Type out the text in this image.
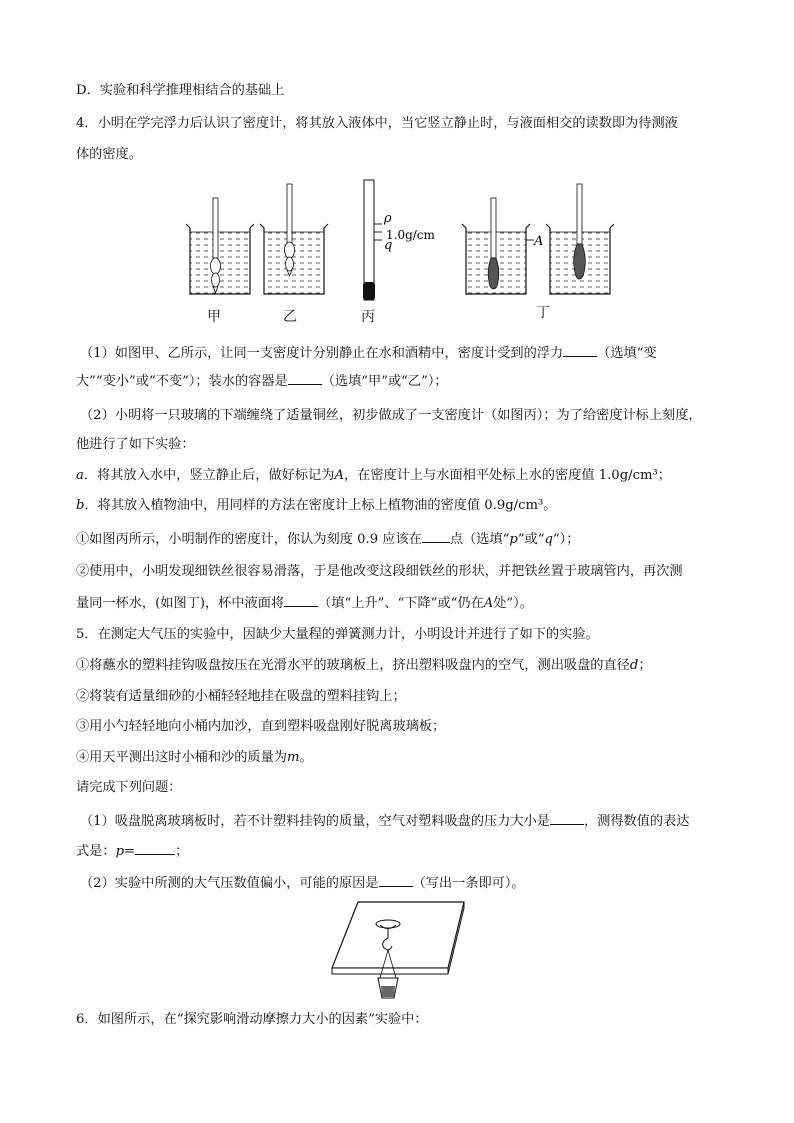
D．实验和科学推理相结合的基础上
4．小明在学完浮力后认识了密度计，将其放入液体中，当它竖立静止时，与液面相交的读数即为待测液
体的密度。
ρ
1.0g/cm
q	A
甲	乙	丙	丁
（1）如图甲、乙所示，让同一支密度计分别静止在水和酒精中，密度计受到的浮力	（选填“变
大”“变小”或“不变”）；装水的容器是	（选填“甲”或“乙”）；
（2）小明将一只玻璃的下端缠绕了适量铜丝，初步做成了一支密度计（如图丙）；为了给密度计标上刻度，
他进行了如下实验：
a．将其放入水中，竖立静止后，做好标记为A，在密度计上与水面相平处标上水的密度值 1.0g/cm³；
b．将其放入植物油中，用同样的方法在密度计上标上植物油的密度值 0.9g/cm³。
①如图丙所示，小明制作的密度计，你认为刻度 0.9 应该在 点（选填“p”或“q”）；
②使用中，小明发现细铁丝很容易滑落，于是他改变这段细铁丝的形状，并把铁丝置于玻璃管内，再次测
量同一杯水，(如图丁)，杯中液面将	（填“上升”、“下降”或“仍在A处”）。
5．在测定大气压的实验中，因缺少大量程的弹簧测力计，小明设计并进行了如下的实验。
①将蘸水的塑料挂钩吸盘按压在光滑水平的玻璃板上，挤出塑料吸盘内的空气，测出吸盘的直径d；
②将装有适量细砂的小桶轻轻地挂在吸盘的塑料挂钩上；
③用小勺轻轻地向小桶内加沙，直到塑料吸盘刚好脱离玻璃板；
④用天平测出这时小桶和沙的质量为m。
请完成下列问题：
（1）吸盘脱离玻璃板时，若不计塑料挂钩的质量，空气对塑料吸盘的压力大小是	，测得数值的表达
式是：p=	；
（2）实验中所测的大气压数值偏小，可能的原因是	（写出一条即可）。
6．如图所示，在“探究影响滑动摩擦力大小的因素”实验中：
